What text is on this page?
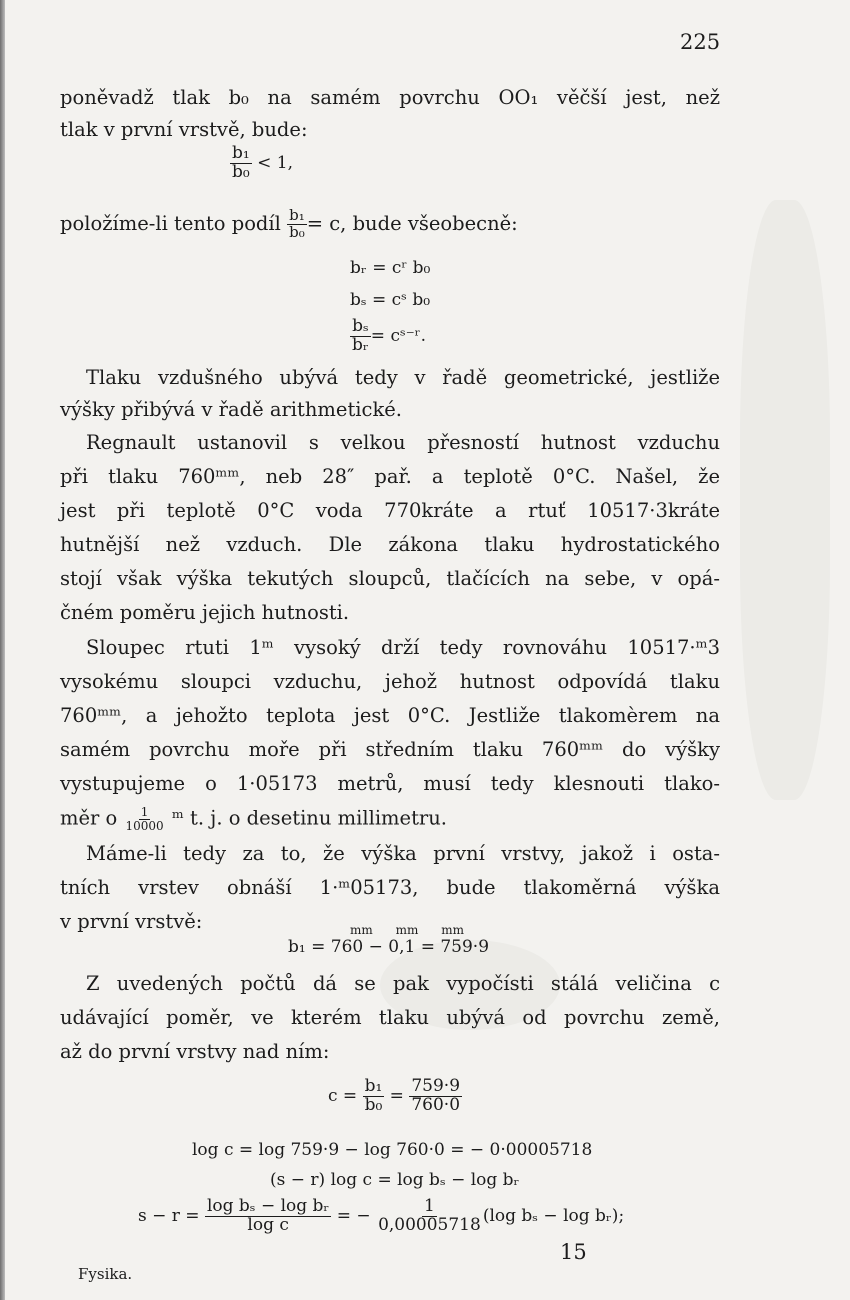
225
poněvadž tlak b₀ na samém povrchu OO₁ věčší jest, než
tlak v první vrstvě, bude:
$\frac{\text{b₁}}{\text{b₀}} < 1$,
položíme-li tento podíl $\frac{\text{b₁}}{\text{b₀}} = c$, bude všeobecně:
bᵣ = cʳ b₀
bₛ = cˢ b₀
$\frac{\text{bₛ}}{\text{bᵣ}}$ = cˢ⁻ʳ.
Tlaku vzdušného ubývá tedy v řadě geometrické, jestliže
výšky přibývá v řadě arithmetické.
Regnault ustanovil s velkou přesností hutnost vzduchu
při tlaku 760ᵐᵐ, neb 28″ pař. a teplotě 0°C. Našel, že
jest při teplotě 0°C voda 770kráte a rtuť 10517·3kráte
hutnější než vzduch. Dle zákona tlaku hydrostatického
stojí však výška tekutých sloupců, tlačících na sebe, v opá-
čném poměru jejich hutnosti.
Sloupec rtuti 1ᵐ vysoký drží tedy rovnováhu 10517·ᵐ3
vysokému sloupci vzduchu, jehož hutnost odpovídá tlaku
760ᵐᵐ, a jehožto teplota jest 0°C. Jestliže tlakomèrem na
samém povrchu moře při středním tlaku 760ᵐᵐ do výšky
vystupujeme o 1·05173 metrů, musí tedy klesnouti tlako-
měr o $\frac{1}{10000}$ ᵐ t. j. o desetinu millimetru.
Máme-li tedy za to, že výška první vrstvy, jakož i osta-
tních vrstev obnáší 1·ᵐ05173, bude tlakoměrná výška
v první vrstvě:	mm      mm      mm
b₁ = 760 − 0,1 = 759·9
Z uvedených počtů dá se pak vypočísti stálá veličina c
udávající poměr, ve kterém tlaku ubývá od povrchu země,
až do první vrstvy nad ním:
$c = \frac{\text{b₁}}{\text{b₀}} = \frac{759\cdot 9}{760\cdot 0}$
log c = log 759·9 − log 760·0 = − 0·00005718
(s − r) log c = log bₛ − log bᵣ
$s - r = \frac{\text{log bₛ − log bᵣ}}{\text{log c}}$ = − $\frac{1}{0,00005718} (\log$ bₛ − log bᵣ);
15
Fysika.
